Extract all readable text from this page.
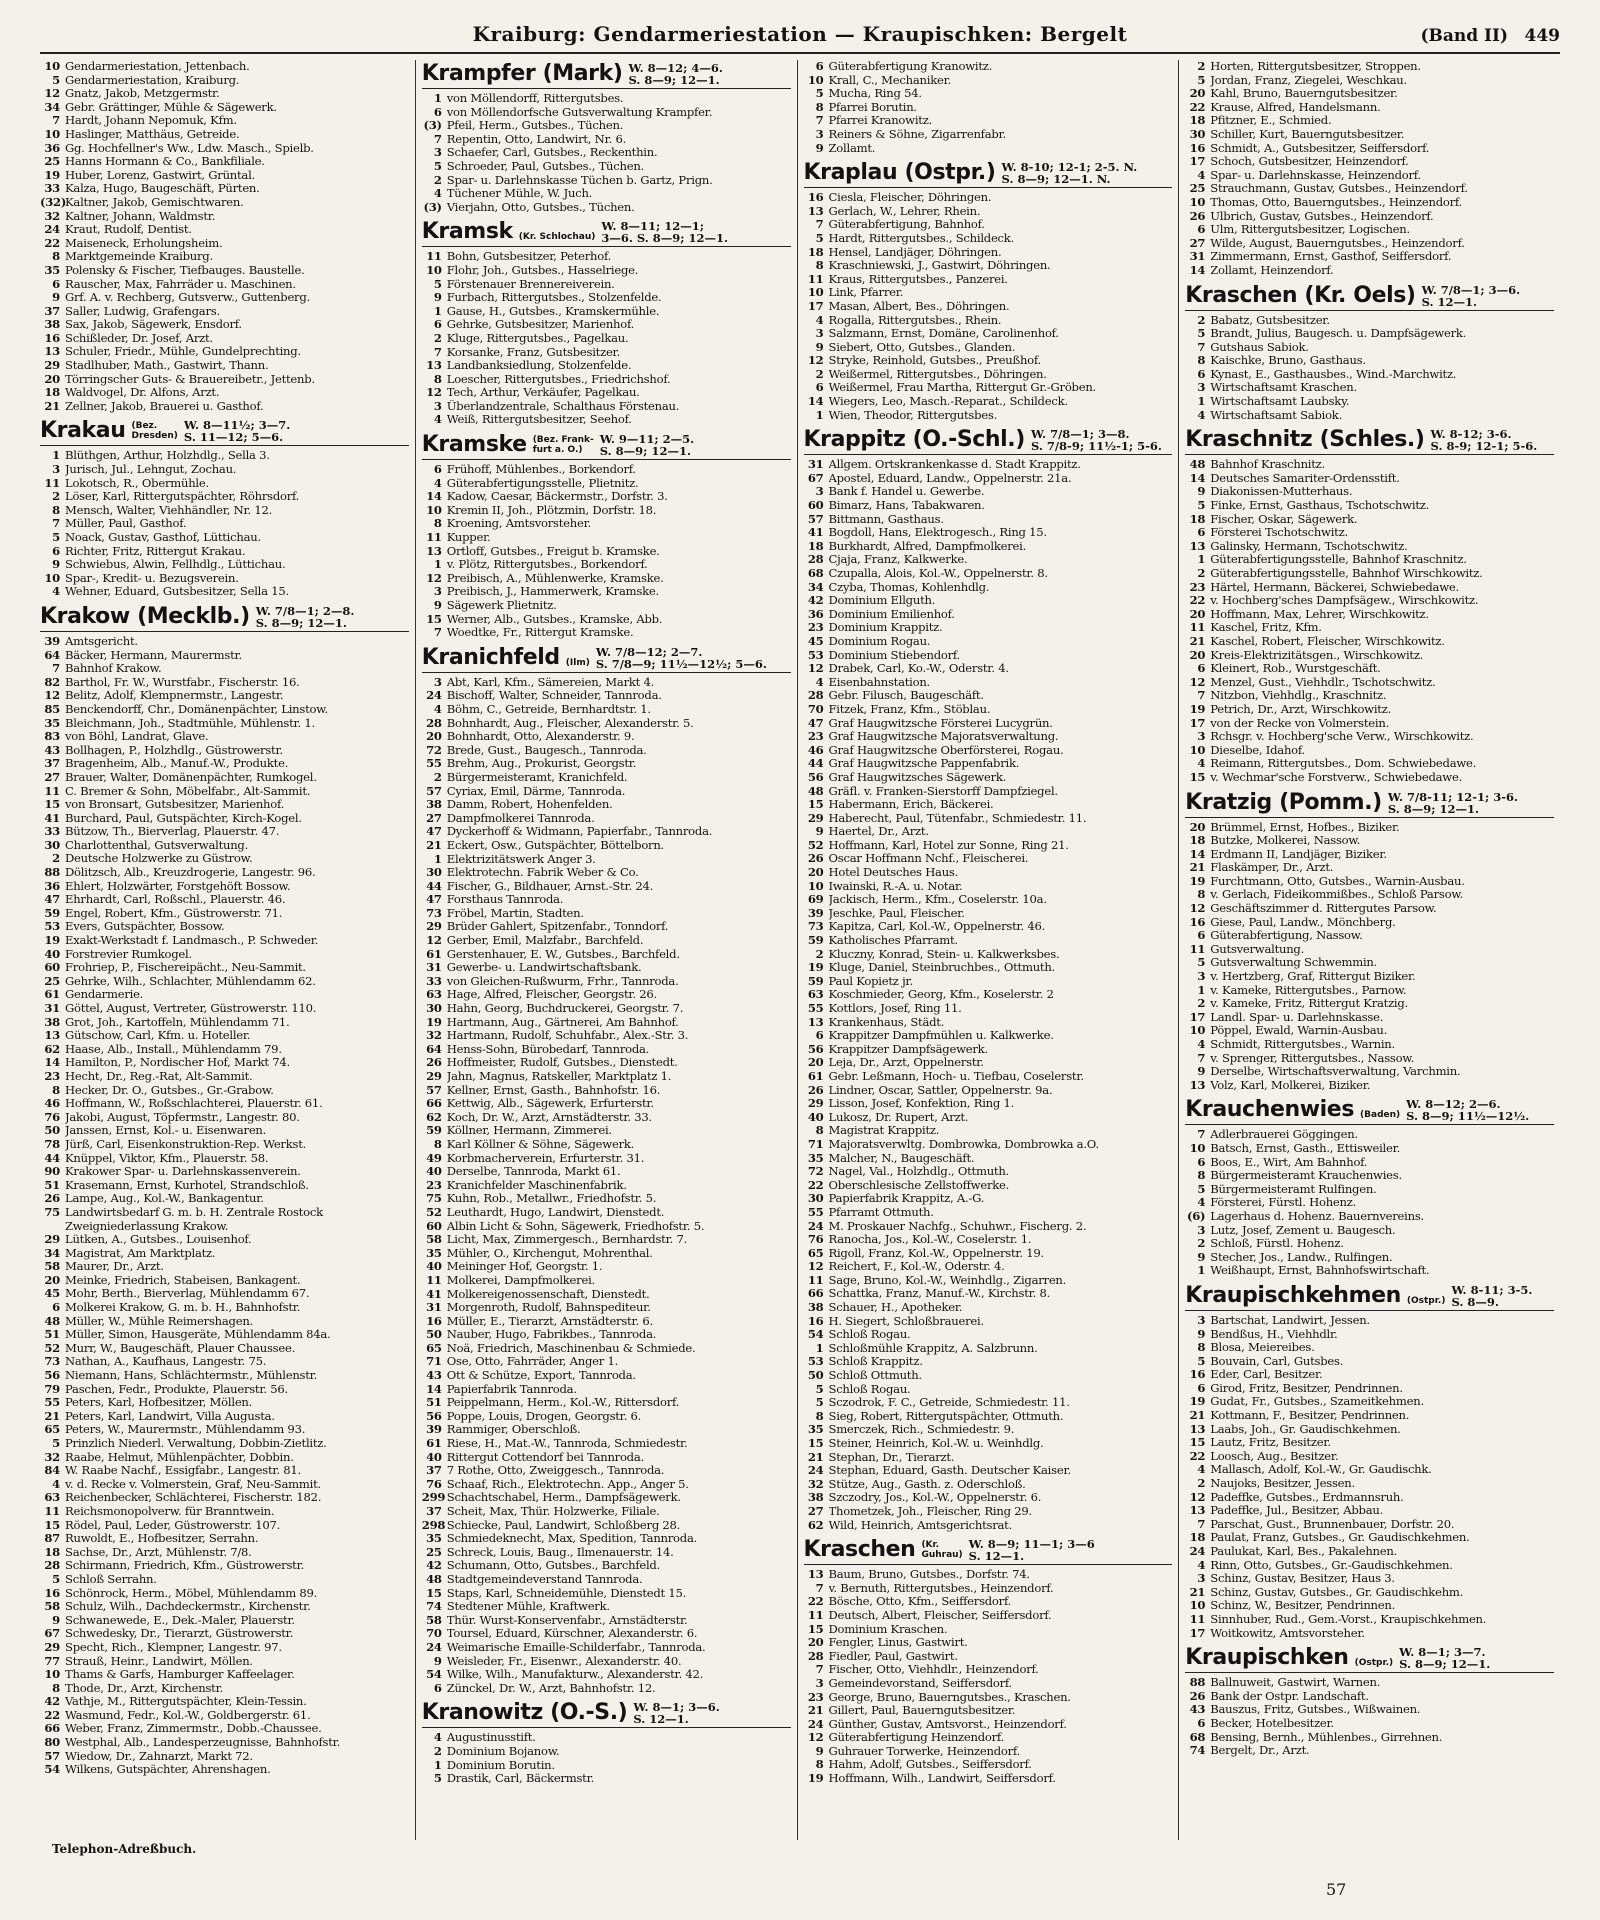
Kraiburg: Gendarmeriestation — Kraupischken: Bergelt	(Band II) 449
10 Gendarmeriestation, Jettenbach.
5 Gendarmeriestation, Kraiburg.
12 Gnatz, Jakob, Metzgermstr.
34 Gebr. Grättinger, Mühle & Sägewerk.
7 Hardt, Johann Nepomuk, Kfm.
10 Haslinger, Matthäus, Getreide.
36 Gg. Hochfellner's Ww., Ldw. Masch., Spielb.
25 Hanns Hormann & Co., Bankfiliale.
19 Huber, Lorenz, Gastwirt, Grüntal.
33 Kalza, Hugo, Baugeschäft, Pürten.
(32)
Kaltner, Jakob, Gemischtwaren.
32 Kaltner, Johann, Waldmstr.
24 Kraut, Rudolf, Dentist.
22 Maiseneck, Erholungsheim.
8 Marktgemeinde Kraiburg.
35 Polensky & Fischer, Tiefbauges. Baustelle.
6 Rauscher, Max, Fahrräder u. Maschinen.
9 Grf. A. v. Rechberg, Gutsverw., Guttenberg.
37 Saller, Ludwig, Grafengars.
38 Sax, Jakob, Sägewerk, Ensdorf.
16 Schißleder, Dr. Josef, Arzt.
13 Schuler, Friedr., Mühle, Gundelprechting.
29 Stadlhuber, Math., Gastwirt, Thann.
20 Törringscher Guts- & Brauereibetr., Jettenb.
18 Waldvogel, Dr. Alfons, Arzt.
21 Zellner, Jakob, Brauerei u. Gasthof.
Krakau (Bez.
Dresden)
W. 8—11½; 3—7.
S. 11—12; 5—6.
1 Blüthgen, Arthur, Holzhdlg., Sella 3.
3 Jurisch, Jul., Lehngut, Zochau.
11 Lokotsch, R., Obermühle.
2 Löser, Karl, Rittergutspächter, Röhrsdorf.
8 Mensch, Walter, Viehhändler, Nr. 12.
7 Müller, Paul, Gasthof.
5 Noack, Gustav, Gasthof, Lüttichau.
6 Richter, Fritz, Rittergut Krakau.
9 Schwiebus, Alwin, Fellhdlg., Lüttichau.
10 Spar-, Kredit- u. Bezugsverein.
4 Wehner, Eduard, Gutsbesitzer, Sella 15.
Krakow (Mecklb.) W. 7/8—1; 2—8.
S. 8—9; 12—1.
39 Amtsgericht.
64 Bäcker, Hermann, Maurermstr.
7 Bahnhof Krakow.
82 Barthol, Fr. W., Wurstfabr., Fischerstr. 16.
12 Belitz, Adolf, Klempnermstr., Langestr.
85 Benckendorff, Chr., Domänenpächter, Linstow.
35 Bleichmann, Joh., Stadtmühle, Mühlenstr. 1.
83 von Böhl, Landrat, Glave.
43 Bollhagen, P., Holzhdlg., Güstrowerstr.
37 Bragenheim, Alb., Manuf.-W., Produkte.
27 Brauer, Walter, Domänenpächter, Rumkogel.
11 C. Bremer & Sohn, Möbelfabr., Alt-Sammit.
15 von Bronsart, Gutsbesitzer, Marienhof.
41 Burchard, Paul, Gutspächter, Kirch-Kogel.
33 Bützow, Th., Bierverlag, Plauerstr. 47.
30 Charlottenthal, Gutsverwaltung.
2 Deutsche Holzwerke zu Güstrow.
88 Dölitzsch, Alb., Kreuzdrogerie, Langestr. 96.
36 Ehlert, Holzwärter, Forstgehöft Bossow.
47 Ehrhardt, Carl, Roßschl., Plauerstr. 46.
59 Engel, Robert, Kfm., Güstrowerstr. 71.
53 Evers, Gutspächter, Bossow.
19 Exakt-Werkstadt f. Landmasch., P. Schweder.
40 Forstrevier Rumkogel.
60 Frohriep, P., Fischereipächt., Neu-Sammit.
25 Gehrke, Wilh., Schlachter, Mühlendamm 62.
61 Gendarmerie.
31 Göttel, August, Vertreter, Güstrowerstr. 110.
38 Grot, Joh., Kartoffeln, Mühlendamm 71.
13 Gütschow, Carl, Kfm. u. Hoteller.
62 Haase, Alb., Install., Mühlendamm 79.
14 Hamilton, P., Nordischer Hof, Markt 74.
23 Hecht, Dr., Reg.-Rat, Alt-Sammit.
8 Hecker, Dr. O., Gutsbes., Gr.-Grabow.
46 Hoffmann, W., Roßschlachterei, Plauerstr. 61.
76 Jakobi, August, Töpfermstr., Langestr. 80.
50 Janssen, Ernst, Kol.- u. Eisenwaren.
78 Jürß, Carl, Eisenkonstruktion-Rep. Werkst.
44 Knüppel, Viktor, Kfm., Plauerstr. 58.
90 Krakower Spar- u. Darlehnskassenverein.
51 Krasemann, Ernst, Kurhotel, Strandschloß.
26 Lampe, Aug., Kol.-W., Bankagentur.
75 Landwirtsbedarf G. m. b. H. Zentrale Rostock
Zweigniederlassung Krakow.
29 Lütken, A., Gutsbes., Louisenhof.
34 Magistrat, Am Marktplatz.
58 Maurer, Dr., Arzt.
20 Meinke, Friedrich, Stabeisen, Bankagent.
45 Mohr, Berth., Bierverlag, Mühlendamm 67.
6 Molkerei Krakow, G. m. b. H., Bahnhofstr.
48 Müller, W., Mühle Reimershagen.
51 Müller, Simon, Hausgeräte, Mühlendamm 84a.
52 Murr, W., Baugeschäft, Plauer Chaussee.
73 Nathan, A., Kaufhaus, Langestr. 75.
56 Niemann, Hans, Schlächtermstr., Mühlenstr.
79 Paschen, Fedr., Produkte, Plauerstr. 56.
55 Peters, Karl, Hofbesitzer, Möllen.
21 Peters, Karl, Landwirt, Villa Augusta.
65 Peters, W., Maurermstr., Mühlendamm 93.
5 Prinzlich Niederl. Verwaltung, Dobbin-Zietlitz.
32 Raabe, Helmut, Mühlenpächter, Dobbin.
84 W. Raabe Nachf., Essigfabr., Langestr. 81.
4 v. d. Recke v. Volmerstein, Graf, Neu-Sammit.
63 Reichenbecker, Schlächterei, Fischerstr. 182.
11 Reichsmonopolverw. für Branntwein.
15 Rödel, Paul, Leder, Güstrowerstr. 107.
87 Ruwoldt, E., Hofbesitzer, Serrahn.
18 Sachse, Dr., Arzt, Mühlenstr. 7/8.
28 Schirmann, Friedrich, Kfm., Güstrowerstr.
5 Schloß Serrahn.
16 Schönrock, Herm., Möbel, Mühlendamm 89.
58 Schulz, Wilh., Dachdeckermstr., Kirchenstr.
9 Schwanewede, E., Dek.-Maler, Plauerstr.
67 Schwedesky, Dr., Tierarzt, Güstrowerstr.
29 Specht, Rich., Klempner, Langestr. 97.
77 Strauß, Heinr., Landwirt, Möllen.
10 Thams & Garfs, Hamburger Kaffeelager.
8 Thode, Dr., Arzt, Kirchenstr.
42 Vathje, M., Rittergutspächter, Klein-Tessin.
22 Wasmund, Fedr., Kol.-W., Goldbergerstr. 61.
66 Weber, Franz, Zimmermstr., Dobb.-Chaussee.
80 Westphal, Alb., Landesperzeugnisse, Bahnhofstr.
57 Wiedow, Dr., Zahnarzt, Markt 72.
54 Wilkens, Gutspächter, Ahrenshagen.
Krampfer (Mark) W. 8—12; 4—6.
S. 8—9; 12—1.
1 von Möllendorff, Rittergutsbes.
6 von Möllendorfsche Gutsverwaltung Krampfer.
(3) Pfeil, Herm., Gutsbes., Tüchen.
7 Repentin, Otto, Landwirt, Nr. 6.
3 Schaefer, Carl, Gutsbes., Reckenthin.
5 Schroeder, Paul, Gutsbes., Tüchen.
2 Spar- u. Darlehnskasse Tüchen b. Gartz, Prign.
4 Tüchener Mühle, W. Juch.
(3) Vierjahn, Otto, Gutsbes., Tüchen.
Kramsk (Kr. Schlochau)
W. 8—11; 12—1;
3—6. S. 8—9; 12—1.
11 Bohn, Gutsbesitzer, Peterhof.
10 Flohr, Joh., Gutsbes., Hasselriege.
5 Förstenauer Brennereiverein.
9 Furbach, Rittergutsbes., Stolzenfelde.
1 Gause, H., Gutsbes., Kramskermühle.
6 Gehrke, Gutsbesitzer, Marienhof.
2 Kluge, Rittergutsbes., Pagelkau.
7 Korsanke, Franz, Gutsbesitzer.
13 Landbanksiedlung, Stolzenfelde.
8 Loescher, Rittergutsbes., Friedrichshof.
12 Tech, Arthur, Verkäufer, Pagelkau.
3 Überlandzentrale, Schalthaus Förstenau.
4 Weiß, Rittergutsbesitzer, Seehof.
Kramske (Bez. Frank-
furt a. O.)
W. 9—11; 2—5.
S. 8—9; 12—1.
6 Frühoff, Mühlenbes., Borkendorf.
4 Güterabfertigungsstelle, Plietnitz.
14 Kadow, Caesar, Bäckermstr., Dorfstr. 3.
10 Kremin II, Joh., Plötzmin, Dorfstr. 18.
8 Kroening, Amtsvorsteher.
11 Kupper.
13 Ortloff, Gutsbes., Freigut b. Kramske.
1 v. Plötz, Rittergutsbes., Borkendorf.
12 Preibisch, A., Mühlenwerke, Kramske.
3 Preibisch, J., Hammerwerk, Kramske.
9 Sägewerk Plietnitz.
15 Werner, Alb., Gutsbes., Kramske, Abb.
7 Woedtke, Fr., Rittergut Kramske.
Kranichfeld (Ilm)
W. 7/8—12; 2—7.
S. 7/8—9; 11½—12½; 5—6.
3 Abt, Karl, Kfm., Sämereien, Markt 4.
24 Bischoff, Walter, Schneider, Tannroda.
4 Böhm, C., Getreide, Bernhardtstr. 1.
28 Bohnhardt, Aug., Fleischer, Alexanderstr. 5.
20 Bohnhardt, Otto, Alexanderstr. 9.
72 Brede, Gust., Baugesch., Tannroda.
55 Brehm, Aug., Prokurist, Georgstr.
2 Bürgermeisteramt, Kranichfeld.
57 Cyriax, Emil, Därme, Tannroda.
38 Damm, Robert, Hohenfelden.
27 Dampfmolkerei Tannroda.
47 Dyckerhoff & Widmann, Papierfabr., Tannroda.
21 Eckert, Osw., Gutspächter, Böttelborn.
1 Elektrizitätswerk Anger 3.
30 Elektrotechn. Fabrik Weber & Co.
44 Fischer, G., Bildhauer, Arnst.-Str. 24.
47 Forsthaus Tannroda.
73 Fröbel, Martin, Stadten.
29 Brüder Gahlert, Spitzenfabr., Tonndorf.
12 Gerber, Emil, Malzfabr., Barchfeld.
61 Gerstenhauer, E. W., Gutsbes., Barchfeld.
31 Gewerbe- u. Landwirtschaftsbank.
33 von Gleichen-Rußwurm, Frhr., Tannroda.
63 Hage, Alfred, Fleischer, Georgstr. 26.
30 Hahn, Georg, Buchdruckerei, Georgstr. 7.
19 Hartmann, Aug., Gärtnerei, Am Bahnhof.
32 Hartmann, Rudolf, Schuhfabr., Alex.-Str. 3.
64 Henss-Sohn, Bürobedarf, Tannroda.
26 Hoffmeister, Rudolf, Gutsbes., Dienstedt.
29 Jahn, Magnus, Ratskeller, Marktplatz 1.
57 Kellner, Ernst, Gasth., Bahnhofstr. 16.
66 Kettwig, Alb., Sägewerk, Erfurterstr.
62 Koch, Dr. W., Arzt, Arnstädterstr. 33.
59 Köllner, Hermann, Zimmerei.
8 Karl Köllner & Söhne, Sägewerk.
49 Korbmacherverein, Erfurterstr. 31.
40 Derselbe, Tannroda, Markt 61.
23 Kranichfelder Maschinenfabrik.
75 Kuhn, Rob., Metallwr., Friedhofstr. 5.
52 Leuthardt, Hugo, Landwirt, Dienstedt.
60 Albin Licht & Sohn, Sägewerk, Friedhofstr. 5.
58 Licht, Max, Zimmergesch., Bernhardstr. 7.
35 Mühler, O., Kirchengut, Mohrenthal.
40 Meininger Hof, Georgstr. 1.
11 Molkerei, Dampfmolkerei.
41 Molkereigenossenschaft, Dienstedt.
31 Morgenroth, Rudolf, Bahnspediteur.
16 Müller, E., Tierarzt, Arnstädterstr. 6.
50 Nauber, Hugo, Fabrikbes., Tannroda.
65 Noä, Friedrich, Maschinenbau & Schmiede.
71 Ose, Otto, Fahrräder, Anger 1.
43 Ott & Schütze, Export, Tannroda.
14 Papierfabrik Tannroda.
51 Peippelmann, Herm., Kol.-W., Rittersdorf.
56 Poppe, Louis, Drogen, Georgstr. 6.
39 Rammiger, Oberschloß.
61 Riese, H., Mat.-W., Tannroda, Schmiedestr.
40 Rittergut Cottendorf bei Tannroda.
37 7 Rothe, Otto, Zweiggesch., Tannroda.
76 Schaaf, Rich., Elektrotechn. App., Anger 5.
299 Schachtschabel, Herm., Dampfsägewerk.
37 Scheit, Max, Thür. Holzwerke, Filiale.
298 Schiecke, Paul, Landwirt, Schloßberg 28.
35 Schmiedeknecht, Max, Spedition, Tannroda.
25 Schreck, Louis, Baug., Ilmenauerstr. 14.
42 Schumann, Otto, Gutsbes., Barchfeld.
48 Stadtgemeindeverstand Tannroda.
15 Staps, Karl, Schneidemühle, Dienstedt 15.
74 Stedtener Mühle, Kraftwerk.
58 Thür. Wurst-Konservenfabr., Arnstädterstr.
70 Toursel, Eduard, Kürschner, Alexanderstr. 6.
24 Weimarische Emaille-Schilderfabr., Tannroda.
9 Weisleder, Fr., Eisenwr., Alexanderstr. 40.
54 Wilke, Wilh., Manufakturw., Alexanderstr. 42.
6 Zünckel, Dr. W., Arzt, Bahnhofstr. 12.
Kranowitz (O.-S.) W. 8—1; 3—6.
S. 12—1.
4 Augustinusstift.
2 Dominium Bojanow.
1 Dominium Borutin.
5 Drastik, Carl, Bäckermstr.
6 Güterabfertigung Kranowitz.
10 Krall, C., Mechaniker.
5 Mucha, Ring 54.
8 Pfarrei Borutin.
7 Pfarrei Kranowitz.
3 Reiners & Söhne, Zigarrenfabr.
9 Zollamt.
Kraplau (Ostpr.) W. 8-10; 12-1; 2-5. N.
S. 8—9; 12—1. N.
16 Ciesla, Fleischer, Döhringen.
13 Gerlach, W., Lehrer, Rhein.
7 Güterabfertigung, Bahnhof.
5 Hardt, Rittergutsbes., Schildeck.
18 Hensel, Landjäger, Döhringen.
8 Kraschniewski, J., Gastwirt, Döhringen.
11 Kraus, Rittergutsbes., Panzerei.
10 Link, Pfarrer.
17 Masan, Albert, Bes., Döhringen.
4 Rogalla, Rittergutsbes., Rhein.
3 Salzmann, Ernst, Domäne, Carolinenhof.
9 Siebert, Otto, Gutsbes., Glanden.
12 Stryke, Reinhold, Gutsbes., Preußhof.
2 Weißermel, Rittergutsbes., Döhringen.
6 Weißermel, Frau Martha, Rittergut Gr.-Gröben.
14 Wiegers, Leo, Masch.-Reparat., Schildeck.
1 Wien, Theodor, Rittergutsbes.
Krappitz (O.-Schl.) W. 7/8—1; 3—8.
S. 7/8-9; 11½-1; 5-6.
31 Allgem. Ortskrankenkasse d. Stadt Krappitz.
67 Apostel, Eduard, Landw., Oppelnerstr. 21a.
3 Bank f. Handel u. Gewerbe.
60 Bimarz, Hans, Tabakwaren.
57 Bittmann, Gasthaus.
41 Bogdoll, Hans, Elektrogesch., Ring 15.
18 Burkhardt, Alfred, Dampfmolkerei.
28 Cjaja, Franz, Kalkwerke.
68 Czupalla, Alois, Kol.-W., Oppelnerstr. 8.
34 Czyba, Thomas, Kohlenhdlg.
42 Dominium Ellguth.
36 Dominium Emilienhof.
23 Dominium Krappitz.
45 Dominium Rogau.
53 Dominium Stiebendorf.
12 Drabek, Carl, Ko.-W., Oderstr. 4.
4 Eisenbahnstation.
28 Gebr. Filusch, Baugeschäft.
70 Fitzek, Franz, Kfm., Stöblau.
47 Graf Haugwitzsche Försterei Lucygrün.
23 Graf Haugwitzsche Majoratsverwaltung.
46 Graf Haugwitzsche Oberförsterei, Rogau.
44 Graf Haugwitzsche Pappenfabrik.
56 Graf Haugwitzsches Sägewerk.
48 Gräfl. v. Franken-Sierstorff Dampfziegel.
15 Habermann, Erich, Bäckerei.
29 Haberecht, Paul, Tütenfabr., Schmiedestr. 11.
9 Haertel, Dr., Arzt.
52 Hoffmann, Karl, Hotel zur Sonne, Ring 21.
26 Oscar Hoffmann Nchf., Fleischerei.
20 Hotel Deutsches Haus.
10 Iwainski, R.-A. u. Notar.
69 Jackisch, Herm., Kfm., Coselerstr. 10a.
39 Jeschke, Paul, Fleischer.
73 Kapitza, Carl, Kol.-W., Oppelnerstr. 46.
59 Katholisches Pfarramt.
2 Kluczny, Konrad, Stein- u. Kalkwerksbes.
19 Kluge, Daniel, Steinbruchbes., Ottmuth.
59 Paul Kopietz jr.
63 Koschmieder, Georg, Kfm., Koselerstr. 2
55 Kottlors, Josef, Ring 11.
13 Krankenhaus, Städt.
6 Krappitzer Dampfmühlen u. Kalkwerke.
56 Krappitzer Dampfsägewerk.
20 Leja, Dr., Arzt, Oppelnerstr.
61 Gebr. Leßmann, Hoch- u. Tiefbau, Coselerstr.
26 Lindner, Oscar, Sattler, Oppelnerstr. 9a.
29 Lisson, Josef, Konfektion, Ring 1.
40 Lukosz, Dr. Rupert, Arzt.
8 Magistrat Krappitz.
71 Majoratsverwltg. Dombrowka, Dombrowka a.O.
35 Malcher, N., Baugeschäft.
72 Nagel, Val., Holzhdlg., Ottmuth.
22 Oberschlesische Zellstoffwerke.
30 Papierfabrik Krappitz, A.-G.
55 Pfarramt Ottmuth.
24 M. Proskauer Nachfg., Schuhwr., Fischerg. 2.
76 Ranocha, Jos., Kol.-W., Coselerstr. 1.
65 Rigoll, Franz, Kol.-W., Oppelnerstr. 19.
12 Reichert, F., Kol.-W., Oderstr. 4.
11 Sage, Bruno, Kol.-W., Weinhdlg., Zigarren.
66 Schattka, Franz, Manuf.-W., Kirchstr. 8.
38 Schauer, H., Apotheker.
16 H. Siegert, Schloßbrauerei.
54 Schloß Rogau.
1 Schloßmühle Krappitz, A. Salzbrunn.
53 Schloß Krappitz.
50 Schloß Ottmuth.
5 Schloß Rogau.
5 Sczodrok, F. C., Getreide, Schmiedestr. 11.
8 Sieg, Robert, Rittergutspächter, Ottmuth.
35 Smerczek, Rich., Schmiedestr. 9.
15 Steiner, Heinrich, Kol.-W. u. Weinhdlg.
21 Stephan, Dr., Tierarzt.
24 Stephan, Eduard, Gasth. Deutscher Kaiser.
32 Stütze, Aug., Gasth. z. Oderschloß.
38 Szczodry, Jos., Kol.-W., Oppelnerstr. 6.
27 Thometzek, Joh., Fleischer, Ring 29.
62 Wild, Heinrich, Amtsgerichtsrat.
Kraschen (Kr.
Guhrau)
W. 8—9; 11—1; 3—6
S. 12—1.
13 Baum, Bruno, Gutsbes., Dorfstr. 74.
7 v. Bernuth, Rittergutsbes., Heinzendorf.
22 Bösche, Otto, Kfm., Seiffersdorf.
11 Deutsch, Albert, Fleischer, Seiffersdorf.
15 Dominium Kraschen.
20 Fengler, Linus, Gastwirt.
28 Fiedler, Paul, Gastwirt.
7 Fischer, Otto, Viehhdlr., Heinzendorf.
3 Gemeindevorstand, Seiffersdorf.
23 George, Bruno, Bauerngutsbes., Kraschen.
21 Gillert, Paul, Bauerngutsbesitzer.
24 Günther, Gustav, Amtsvorst., Heinzendorf.
12 Güterabfertigung Heinzendorf.
9 Guhrauer Torwerke, Heinzendorf.
8 Hahm, Adolf, Gutsbes., Seiffersdorf.
19 Hoffmann, Wilh., Landwirt, Seiffersdorf.
2 Horten, Rittergutsbesitzer, Stroppen.
5 Jordan, Franz, Ziegelei, Weschkau.
20 Kahl, Bruno, Bauerngutsbesitzer.
22 Krause, Alfred, Handelsmann.
18 Pfitzner, E., Schmied.
30 Schiller, Kurt, Bauerngutsbesitzer.
16 Schmidt, A., Gutsbesitzer, Seiffersdorf.
17 Schoch, Gutsbesitzer, Heinzendorf.
4 Spar- u. Darlehnskasse, Heinzendorf.
25 Strauchmann, Gustav, Gutsbes., Heinzendorf.
10 Thomas, Otto, Bauerngutsbes., Heinzendorf.
26 Ulbrich, Gustav, Gutsbes., Heinzendorf.
6 Ulm, Rittergutsbesitzer, Logischen.
27 Wilde, August, Bauerngutsbes., Heinzendorf.
31 Zimmermann, Ernst, Gasthof, Seiffersdorf.
14 Zollamt, Heinzendorf.
Kraschen (Kr. Oels) W. 7/8—1; 3—6.
S. 12—1.
2 Babatz, Gutsbesitzer.
5 Brandt, Julius, Baugesch. u. Dampfsägewerk.
7 Gutshaus Sabiok.
8 Kaischke, Bruno, Gasthaus.
6 Kynast, E., Gasthausbes., Wind.-Marchwitz.
3 Wirtschaftsamt Kraschen.
1 Wirtschaftsamt Laubsky.
4 Wirtschaftsamt Sabiok.
Kraschnitz (Schles.) W. 8-12; 3-6.
S. 8-9; 12-1; 5-6.
48 Bahnhof Kraschnitz.
14 Deutsches Samariter-Ordensstift.
9 Diakonissen-Mutterhaus.
5 Finke, Ernst, Gasthaus, Tschotschwitz.
18 Fischer, Oskar, Sägewerk.
6 Försterei Tschotschwitz.
13 Galinsky, Hermann, Tschotschwitz.
1 Güterabfertigungsstelle, Bahnhof Kraschnitz.
2 Güterabfertigungsstelle, Bahnhof Wirschkowitz.
23 Härtel, Hermann, Bäckerei, Schwiebedawe.
22 v. Hochberg'sches Dampfsägew., Wirschkowitz.
20 Hoffmann, Max, Lehrer, Wirschkowitz.
11 Kaschel, Fritz, Kfm.
21 Kaschel, Robert, Fleischer, Wirschkowitz.
20 Kreis-Elektrizitätsgen., Wirschkowitz.
6 Kleinert, Rob., Wurstgeschäft.
12 Menzel, Gust., Viehhdlr., Tschotschwitz.
7 Nitzbon, Viehhdlg., Kraschnitz.
19 Petrich, Dr., Arzt, Wirschkowitz.
17 von der Recke von Volmerstein.
3 Rchsgr. v. Hochberg'sche Verw., Wirschkowitz.
10 Dieselbe, Idahof.
4 Reimann, Rittergutsbes., Dom. Schwiebedawe.
15 v. Wechmar'sche Forstverw., Schwiebedawe.
Kratzig (Pomm.) W. 7/8-11; 12-1; 3-6.
S. 8—9; 12—1.
20 Brümmel, Ernst, Hofbes., Biziker.
18 Butzke, Molkerei, Nassow.
14 Erdmann II, Landjäger, Biziker.
21 Flaskämper, Dr., Arzt.
19 Furchtmann, Otto, Gutsbes., Warnin-Ausbau.
8 v. Gerlach, Fideikommißbes., Schloß Parsow.
12 Geschäftszimmer d. Rittergutes Parsow.
16 Giese, Paul, Landw., Mönchberg.
6 Güterabfertigung, Nassow.
11 Gutsverwaltung.
5 Gutsverwaltung Schwemmin.
3 v. Hertzberg, Graf, Rittergut Biziker.
1 v. Kameke, Rittergutsbes., Parnow.
2 v. Kameke, Fritz, Rittergut Kratzig.
17 Landl. Spar- u. Darlehnskasse.
10 Pöppel, Ewald, Warnin-Ausbau.
4 Schmidt, Rittergutsbes., Warnin.
7 v. Sprenger, Rittergutsbes., Nassow.
9 Derselbe, Wirtschaftsverwaltung, Varchmin.
13 Volz, Karl, Molkerei, Biziker.
Krauchenwies (Baden)
W. 8—12; 2—6.
S. 8—9; 11½—12½.
7 Adlerbrauerei Göggingen.
10 Batsch, Ernst, Gasth., Ettisweiler.
6 Boos, E., Wirt, Am Bahnhof.
8 Bürgermeisteramt Krauchenwies.
5 Bürgermeisteramt Rulfingen.
4 Försterei, Fürstl. Hohenz.
(6) Lagerhaus d. Hohenz. Bauernvereins.
3 Lutz, Josef, Zement u. Baugesch.
2 Schloß, Fürstl. Hohenz.
9 Stecher, Jos., Landw., Rulfingen.
1 Weißhaupt, Ernst, Bahnhofswirtschaft.
Kraupischkehmen (Ostpr.)
W. 8-11; 3-5.
S. 8—9.
3 Bartschat, Landwirt, Jessen.
9 Bendßus, H., Viehhdlr.
8 Blosa, Meiereibes.
5 Bouvain, Carl, Gutsbes.
16 Eder, Carl, Besitzer.
6 Girod, Fritz, Besitzer, Pendrinnen.
19 Gudat, Fr., Gutsbes., Szameitkehmen.
21 Kottmann, F., Besitzer, Pendrinnen.
13 Laabs, Joh., Gr. Gaudischkehmen.
15 Lautz, Fritz, Besitzer.
22 Loosch, Aug., Besitzer.
4 Mallasch, Adolf, Kol.-W., Gr. Gaudischk.
2 Naujoks, Besitzer, Jessen.
12 Padeffke, Gutsbes., Erdmannsruh.
13 Padeffke, Jul., Besitzer, Abbau.
7 Parschat, Gust., Brunnenbauer, Dorfstr. 20.
18 Paulat, Franz, Gutsbes., Gr. Gaudischkehmen.
24 Paulukat, Karl, Bes., Pakalehnen.
4 Rinn, Otto, Gutsbes., Gr.-Gaudischkehmen.
3 Schinz, Gustav, Besitzer, Haus 3.
21 Schinz, Gustav, Gutsbes., Gr. Gaudischkehm.
10 Schinz, W., Besitzer, Pendrinnen.
11 Sinnhuber, Rud., Gem.-Vorst., Kraupischkehmen.
17 Woitkowitz, Amtsvorsteher.
Kraupischken (Ostpr.)
W. 8—1; 3—7.
S. 8—9; 12—1.
88 Ballnuweit, Gastwirt, Warnen.
26 Bank der Ostpr. Landschaft.
43 Bauszus, Fritz, Gutsbes., Wißwainen.
6 Becker, Hotelbesitzer.
68 Bensing, Bernh., Mühlenbes., Girrehnen.
74 Bergelt, Dr., Arzt.
Telephon-Adreßbuch.
57
